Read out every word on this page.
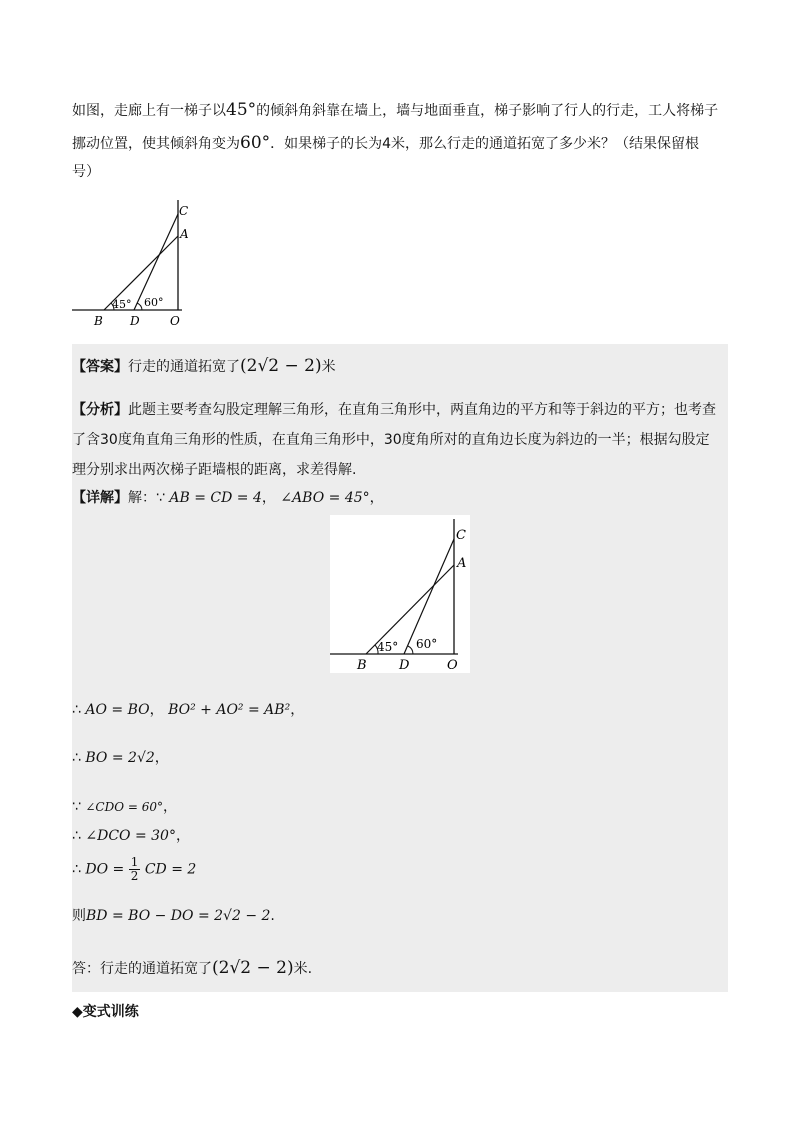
如图，走廊上有一梯子以45°的倾斜角斜靠在墙上，墙与地面垂直，梯子影响了行人的行走，工人将梯子
挪动位置，使其倾斜角变为60°．如果梯子的长为4米，那么行走的通道拓宽了多少米？（结果保留根
号）
C
A
B D	O
45° 60°
【答案】行走的通道拓宽了(2√2 − 2)米
【分析】此题主要考查勾股定理解三角形，在直角三角形中，两直角边的平方和等于斜边的平方；也考查
了含30度角直角三角形的性质，在直角三角形中，30度角所对的直角边长度为斜边的一半；根据勾股定
理分别求出两次梯子距墙根的距离，求差得解.
【详解】解：∵ AB = CD = 4， ∠ABO = 45°，
C
A
B D	O
45° 60°
∴ AO = BO， BO² + AO² = AB²，
∴ BO = 2√2，
∵ ∠CDO = 60°，
∴ ∠DCO = 30°，
∴ DO = $\frac{1}{2}$ CD = 2
则BD = BO − DO = 2√2 − 2.
答：行走的通道拓宽了(2√2 − 2)米.
◆变式训练
